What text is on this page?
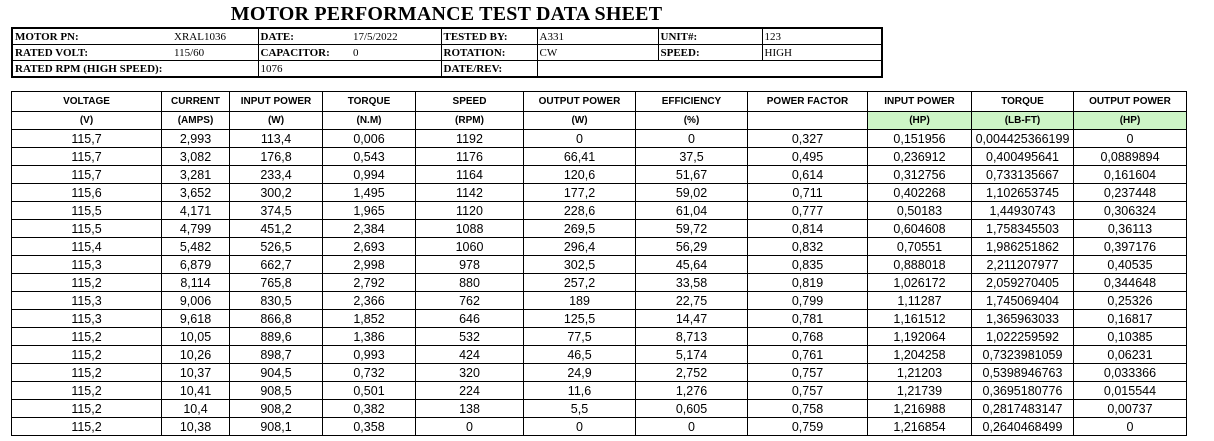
MOTOR PERFORMANCE TEST DATA SHEET
MOTOR PN:	XRAL1036	DATE:	17/5/2022	TESTED BY:	A331	UNIT#:	123
RATED VOLT:	115/60	CAPACITOR:	0	ROTATION:	CW	SPEED:	HIGH
RATED RPM (HIGH SPEED):		1076		DATE/REV:			
VOLTAGE	CURRENT	INPUT POWER	TORQUE	SPEED	OUTPUT POWER	EFFICIENCY	POWER FACTOR	INPUT POWER	TORQUE	OUTPUT POWER
(V)	(AMPS)	(W)	(N.M)	(RPM)	(W)	(%)		(HP)	(LB-FT)	(HP)
115,7	2,993	113,4	0,006	1192	0	0	0,327	0,151956	0,004425366199	0
115,7	3,082	176,8	0,543	1176	66,41	37,5	0,495	0,236912	0,400495641	0,0889894
115,7	3,281	233,4	0,994	1164	120,6	51,67	0,614	0,312756	0,733135667	0,161604
115,6	3,652	300,2	1,495	1142	177,2	59,02	0,711	0,402268	1,102653745	0,237448
115,5	4,171	374,5	1,965	1120	228,6	61,04	0,777	0,50183	1,44930743	0,306324
115,5	4,799	451,2	2,384	1088	269,5	59,72	0,814	0,604608	1,758345503	0,36113
115,4	5,482	526,5	2,693	1060	296,4	56,29	0,832	0,70551	1,986251862	0,397176
115,3	6,879	662,7	2,998	978	302,5	45,64	0,835	0,888018	2,211207977	0,40535
115,2	8,114	765,8	2,792	880	257,2	33,58	0,819	1,026172	2,059270405	0,344648
115,3	9,006	830,5	2,366	762	189	22,75	0,799	1,11287	1,745069404	0,25326
115,3	9,618	866,8	1,852	646	125,5	14,47	0,781	1,161512	1,365963033	0,16817
115,2	10,05	889,6	1,386	532	77,5	8,713	0,768	1,192064	1,022259592	0,10385
115,2	10,26	898,7	0,993	424	46,5	5,174	0,761	1,204258	0,7323981059	0,06231
115,2	10,37	904,5	0,732	320	24,9	2,752	0,757	1,21203	0,5398946763	0,033366
115,2	10,41	908,5	0,501	224	11,6	1,276	0,757	1,21739	0,3695180776	0,015544
115,2	10,4	908,2	0,382	138	5,5	0,605	0,758	1,216988	0,2817483147	0,00737
115,2	10,38	908,1	0,358	0	0	0	0,759	1,216854	0,2640468499	0
